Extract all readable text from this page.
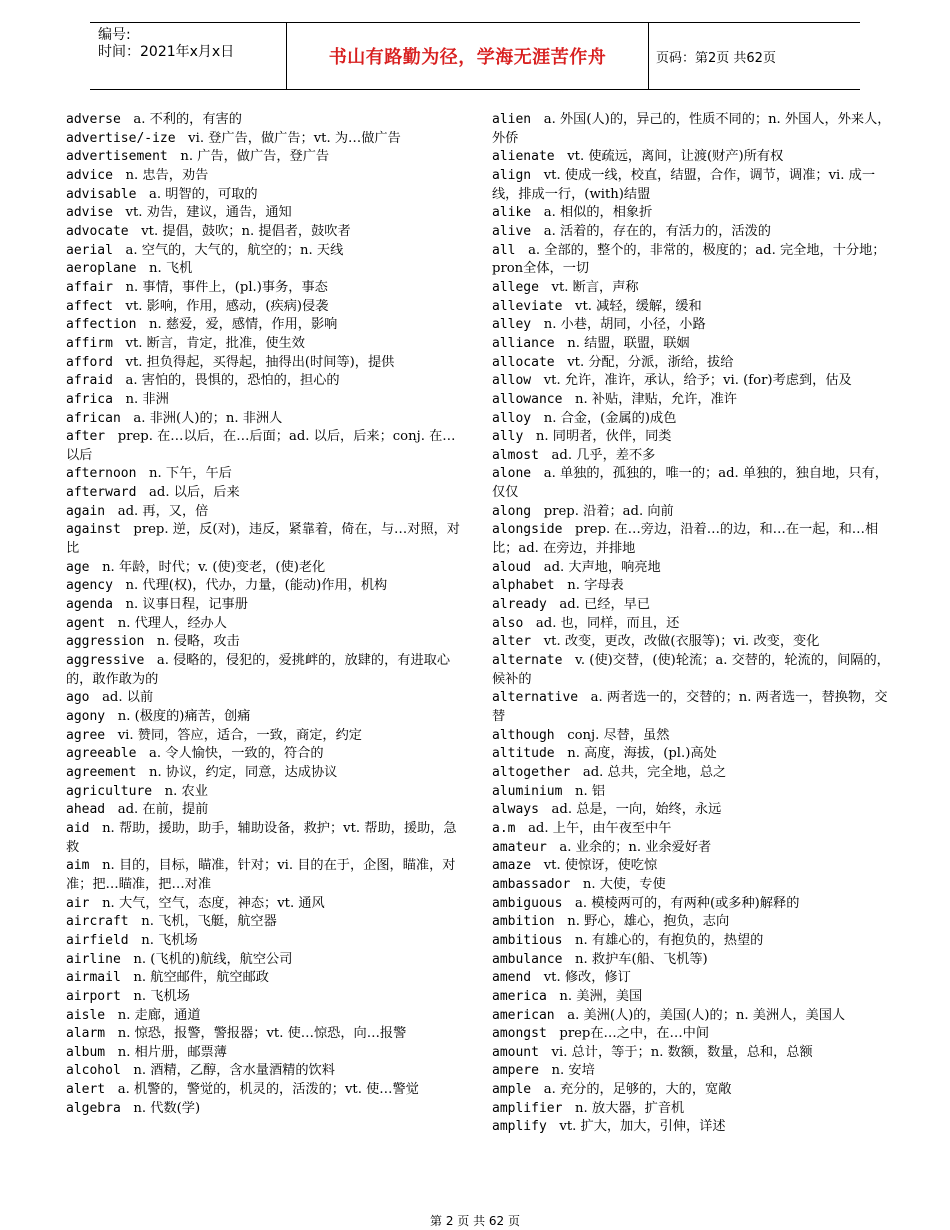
编号:
时间：2021年x月x日	书山有路勤为径，学海无涯苦作舟	页码：第2页 共62页

adverse a. 不利的，有害的

advertise/-ize vi. 登广告，做广告；vt. 为…做广告

advertisement n. 广告，做广告，登广告

advice n. 忠告，劝告

advisable a. 明智的，可取的

advise vt. 劝告，建议，通告，通知

advocate vt. 提倡，鼓吹；n. 提倡者，鼓吹者

aerial a. 空气的，大气的，航空的；n. 天线

aeroplane n. 飞机

affair n. 事情，事件上，(pl.)事务，事态

affect vt. 影响，作用，感动，(疾病)侵袭

affection n. 慈爱，爱，感情，作用，影响

affirm vt. 断言，肯定，批准，使生效

afford vt. 担负得起，买得起，抽得出(时间等)，提供

afraid a. 害怕的，畏惧的，恐怕的，担心的

africa n. 非洲

african a. 非洲(人)的；n. 非洲人

after prep. 在…以后，在…后面；ad. 以后，后来；conj. 在…以后

afternoon n. 下午，午后

afterward ad. 以后，后来

again ad. 再，又，倍

against prep. 逆，反(对)，违反，紧靠着，倚在，与…对照，对比

age n. 年龄，时代；v. (使)变老，(使)老化

agency n. 代理(权)，代办，力量，(能动)作用，机构

agenda n. 议事日程，记事册

agent n. 代理人，经办人

aggression n. 侵略，攻击

aggressive a. 侵略的，侵犯的，爱挑衅的，放肆的，有进取心的，敢作敢为的

ago ad. 以前

agony n. (极度的)痛苦，创痛

agree vi. 赞同，答应，适合，一致，商定，约定

agreeable a. 令人愉快，一致的，符合的

agreement n. 协议，约定，同意，达成协议

agriculture n. 农业

ahead ad. 在前，提前

aid n. 帮助，援助，助手，辅助设备，救护；vt. 帮助，援助，急救

aim n. 目的，目标，瞄准，针对；vi. 目的在于，企图，瞄准，对准；把…瞄准，把…对准

air n. 大气，空气，态度，神态；vt. 通风

aircraft n. 飞机，飞艇，航空器

airfield n. 飞机场

airline n. (飞机的)航线，航空公司

airmail n. 航空邮件，航空邮政

airport n. 飞机场

aisle n. 走廊，通道

alarm n. 惊恐，报警，警报器；vt. 使…惊恐，向…报警

album n. 相片册，邮票薄

alcohol n. 酒精，乙醇，含水量酒精的饮料

alert a. 机警的，警觉的，机灵的，活泼的；vt. 使…警觉

algebra n. 代数(学)

alien a. 外国(人)的，异己的，性质不同的；n. 外国人，外来人，外侨

alienate vt. 使疏远，离间，让渡(财产)所有权

align vt. 使成一线，校直，结盟，合作，调节，调准；vi. 成一线，排成一行，(with)结盟

alike a. 相似的，相象折

alive a. 活着的，存在的，有活力的，活泼的

all a. 全部的，整个的，非常的，极度的；ad. 完全地，十分地；pron全体，一切

allege vt. 断言，声称

alleviate vt. 减轻，缓解，缓和

alley n. 小巷，胡同，小径，小路

alliance n. 结盟，联盟，联姻

allocate vt. 分配，分派，浙给，拔给

allow vt. 允许，准许，承认，给予；vi. (for)考虑到，估及

allowance n. 补贴，津贴，允许，准许

alloy n. 合金，(金属的)成色

ally n. 同明者，伙伴，同类

almost ad. 几乎，差不多

alone a. 单独的，孤独的，唯一的；ad. 单独的，独自地，只有，仅仅

along prep. 沿着；ad. 向前

alongside prep. 在…旁边，沿着…的边，和…在一起，和…相比；ad. 在旁边，并排地

aloud ad. 大声地，响亮地

alphabet n. 字母表

already ad. 已经，早已

also ad. 也，同样，而且，还

alter vt. 改变，更改，改做(衣服等)；vi. 改变，变化

alternate v. (使)交替，(使)轮流；a. 交替的，轮流的，间隔的，候补的

alternative a. 两者选一的，交替的；n. 两者选一，替换物，交替

although conj. 尽替，虽然

altitude n. 高度，海拔，(pl.)高处

altogether ad. 总共，完全地，总之

aluminium n. 铝

always ad. 总是，一向，始终，永远

a.m ad. 上午，由午夜至中午

amateur a. 业余的；n. 业余爱好者

amaze vt. 使惊讶，使吃惊

ambassador n. 大使，专使

ambiguous a. 模棱两可的，有两种(或多种)解释的

ambition n. 野心，雄心，抱负，志向

ambitious n. 有雄心的，有抱负的，热望的

ambulance n. 救护车(船、飞机等)

amend vt. 修改，修订

america n. 美洲，美国

american a. 美洲(人)的，美国(人)的；n. 美洲人，美国人

amongst prep在…之中，在…中间

amount vi. 总计，等于；n. 数额，数量，总和，总额

ampere n. 安培

ample a. 充分的，足够的，大的，宽敞

amplifier n. 放大器，扩音机

amplify vt. 扩大，加大，引伸，详述

第 2 页 共 62 页
